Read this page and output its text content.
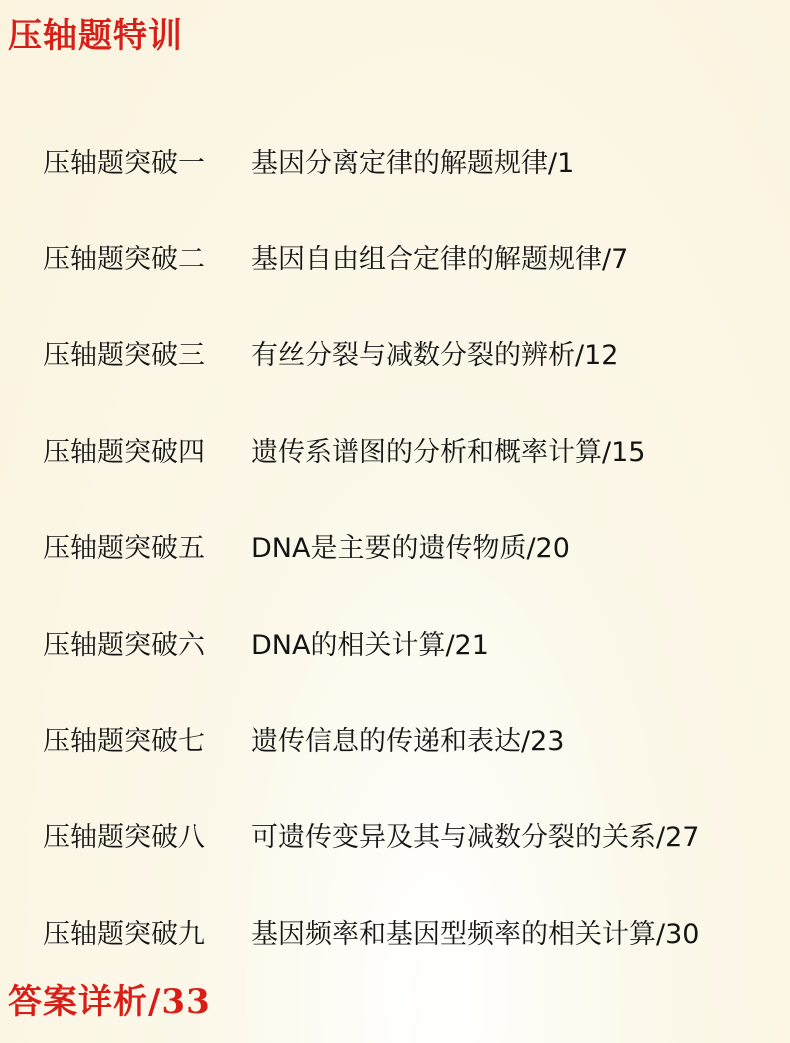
压轴题特训
压轴题突破一	基因分离定律的解题规律/1
压轴题突破二	基因自由组合定律的解题规律/7
压轴题突破三	有丝分裂与减数分裂的辨析/12
压轴题突破四	遗传系谱图的分析和概率计算/15
压轴题突破五	DNA是主要的遗传物质/20
压轴题突破六	DNA的相关计算/21
压轴题突破七	遗传信息的传递和表达/23
压轴题突破八	可遗传变异及其与减数分裂的关系/27
压轴题突破九	基因频率和基因型频率的相关计算/30
答案详析/33
